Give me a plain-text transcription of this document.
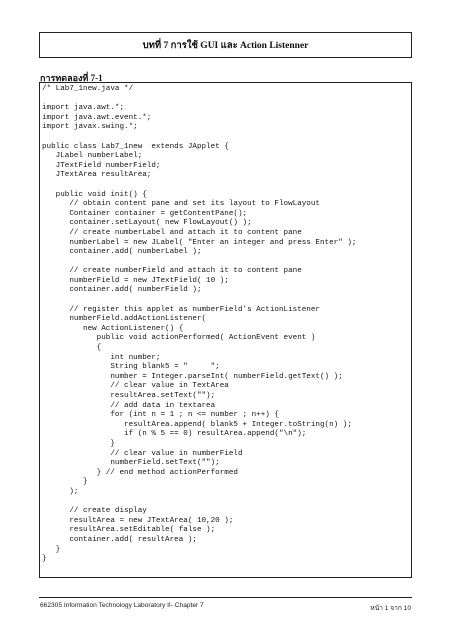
บทที่ 7 การใช้ GUI และ Action Listenner
การทดลองที่ 7-1
/* Lab7_1new.java */
import java.awt.*;
import java.awt.event.*;
import javax.swing.*;
public class Lab7_1new  extends JApplet {
JLabel numberLabel;
JTextField numberField;
JTextArea resultArea;
public void init() {
// obtain content pane and set its layout to FlowLayout
Container container = getContentPane();
container.setLayout( new FlowLayout() );
// create numberLabel and attach it to content pane
numberLabel = new JLabel( "Enter an integer and press Enter" );
container.add( numberLabel );
// create numberField and attach it to content pane
numberField = new JTextField( 10 );
container.add( numberField );
// register this applet as numberField’s ActionListener
numberField.addActionListener(
new ActionListener() {
public void actionPerformed( ActionEvent event )
{
int number;
String blank5 = "     ";
number = Integer.parseInt( numberField.getText() );
// clear value in TextArea
resultArea.setText("");
// add data in textarea
for (int n = 1 ; n <= number ; n++) {
resultArea.append( blank5 + Integer.toString(n) );
if (n % 5 == 0) resultArea.append("\n");
}
// clear value in numberField
numberField.setText("");
} // end method actionPerformed
}
);
// create display
resultArea = new JTextArea( 10,20 );
resultArea.setEditable( false );
container.add( resultArea );
}
}
662305 Information Technology Laboratory II- Chapter 7	หน้า 1 จาก 10
